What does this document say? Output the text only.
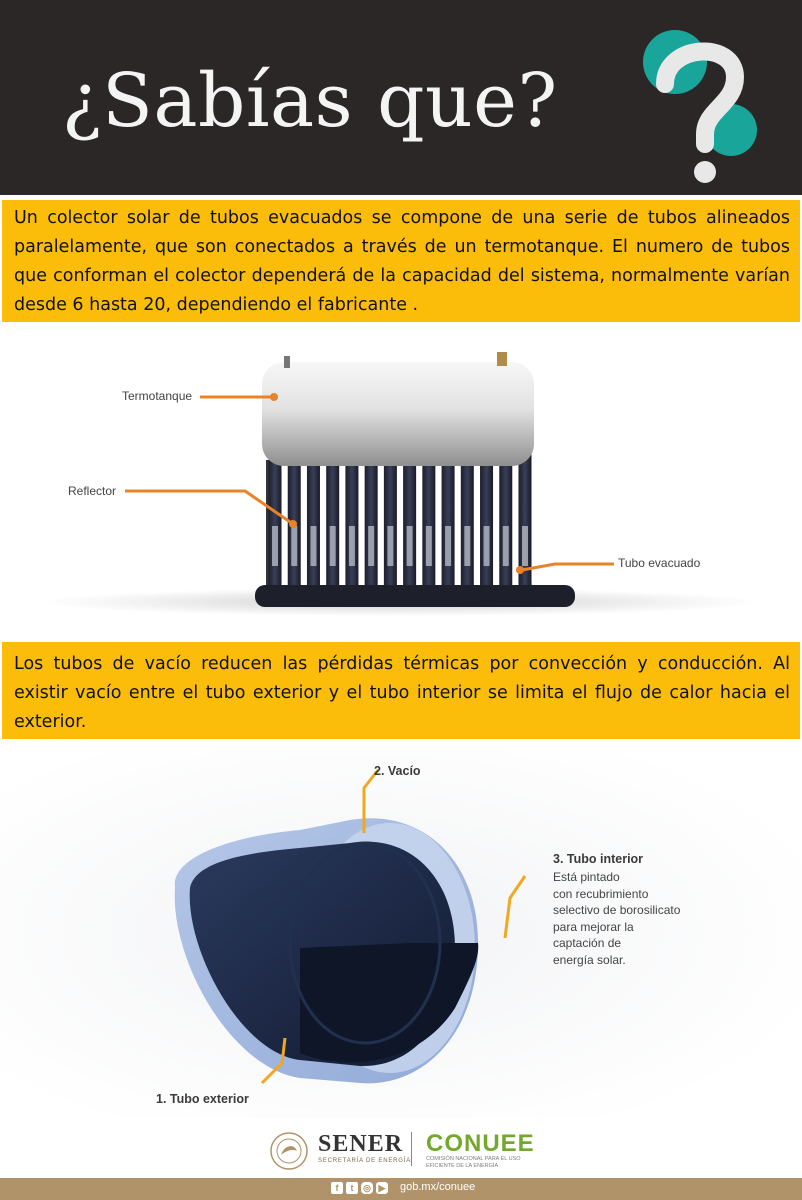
¿Sabías que?

Un colector solar de tubos evacuados se compone de una serie de tubos alineados paralelamente, que son conectados a través de un termotanque. El numero de tubos que conforman el colector dependerá de la capacidad del sistema, normalmente varían desde 6 hasta 20, dependiendo el fabricante .

Termotanque
Reflector
Tubo evacuado

Los tubos de vacío reducen las pérdidas térmicas por convección y conducción. Al existir vacío entre el tubo exterior y el tubo interior se limita el flujo de calor hacia el exterior.

2. Vacío
3. Tubo interior
Está pintado
con recubrimiento
selectivo de borosilicato
para mejorar la
captación de
energía solar.
1. Tubo exterior
SENER
SECRETARÍA DE ENERGÍA
CONUEE
COMISIÓN NACIONAL PARA EL USO EFICIENTE DE LA ENERGÍA
f	t	◎ ▶ gob.mx/conuee
